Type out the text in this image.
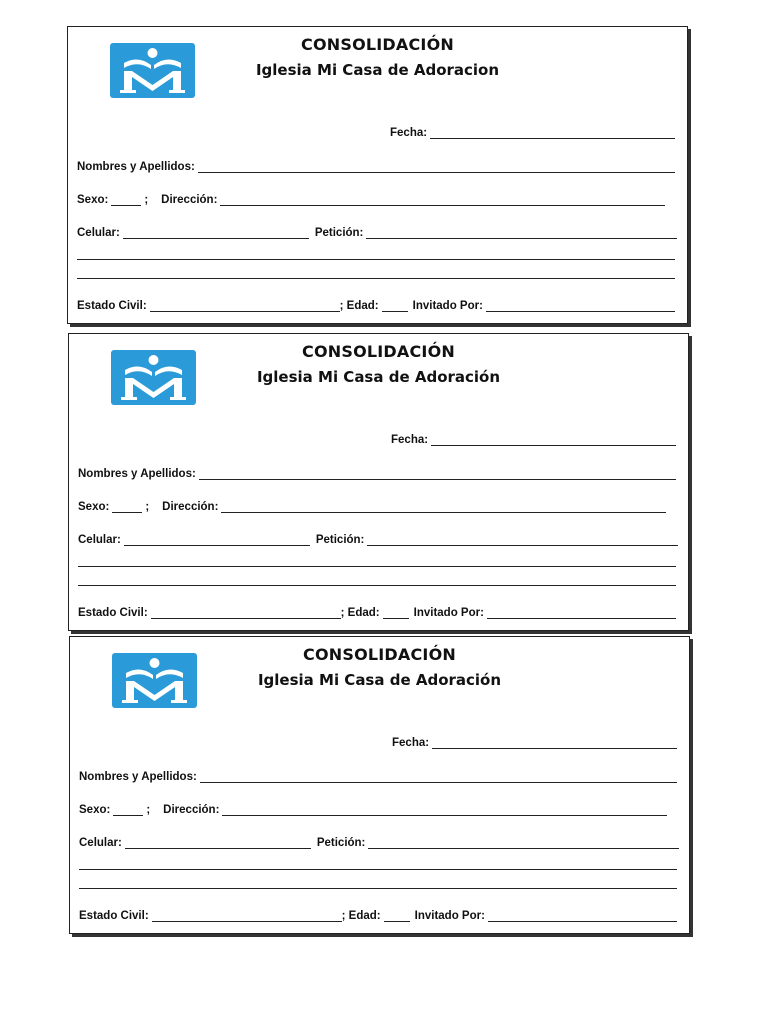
CONSOLIDACIÓN
Iglesia Mi Casa de Adoracion
Fecha:
Nombres y Apellidos:
Sexo:	; Dirección:
Celular:	Petición:
Estado Civil:	; Edad:	Invitado Por:
CONSOLIDACIÓN
Iglesia Mi Casa de Adoración
Fecha:
Nombres y Apellidos:
Sexo:	; Dirección:
Celular:	Petición:
Estado Civil:	; Edad:	Invitado Por:
CONSOLIDACIÓN
Iglesia Mi Casa de Adoración
Fecha:
Nombres y Apellidos:
Sexo:	; Dirección:
Celular:	Petición:
Estado Civil:	; Edad:	Invitado Por:
